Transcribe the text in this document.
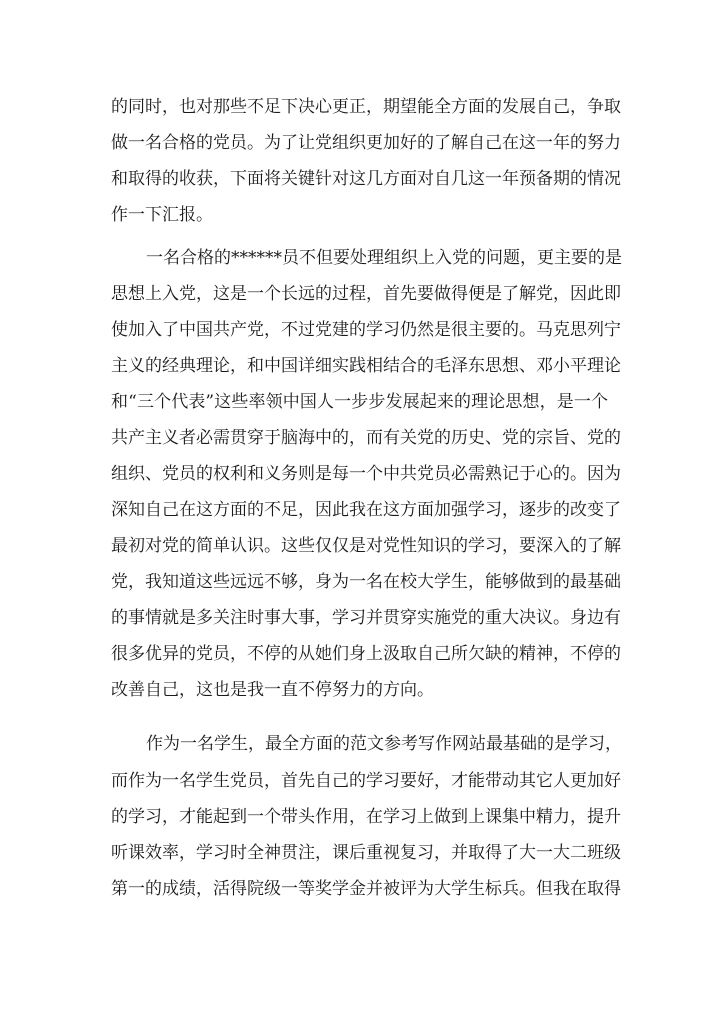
的同时，也对那些不足下决心更正，期望能全方面的发展自己，争取
做一名合格的党员。为了让党组织更加好的了解自己在这一年的努力
和取得的收获，下面将关键针对这几方面对自几这一年预备期的情况
作一下汇报。
一名合格的******员不但要处理组织上入党的问题，更主要的是
思想上入党，这是一个长远的过程，首先要做得便是了解党，因此即
使加入了中国共产党，不过党建的学习仍然是很主要的。马克思列宁
主义的经典理论，和中国详细实践相结合的毛泽东思想、邓小平理论
和“三个代表”这些率领中国人一步步发展起来的理论思想，是一个
共产主义者必需贯穿于脑海中的，而有关党的历史、党的宗旨、党的
组织、党员的权利和义务则是每一个中共党员必需熟记于心的。因为
深知自己在这方面的不足，因此我在这方面加强学习，逐步的改变了
最初对党的简单认识。这些仅仅是对党性知识的学习，要深入的了解
党，我知道这些远远不够，身为一名在校大学生，能够做到的最基础
的事情就是多关注时事大事，学习并贯穿实施党的重大决议。身边有
很多优异的党员，不停的从她们身上汲取自己所欠缺的精神，不停的
改善自己，这也是我一直不停努力的方向。
作为一名学生，最全方面的范文参考写作网站最基础的是学习，
而作为一名学生党员，首先自己的学习要好，才能带动其它人更加好
的学习，才能起到一个带头作用，在学习上做到上课集中精力，提升
听课效率，学习时全神贯注，课后重视复习，并取得了大一大二班级
第一的成绩，活得院级一等奖学金并被评为大学生标兵。但我在取得
